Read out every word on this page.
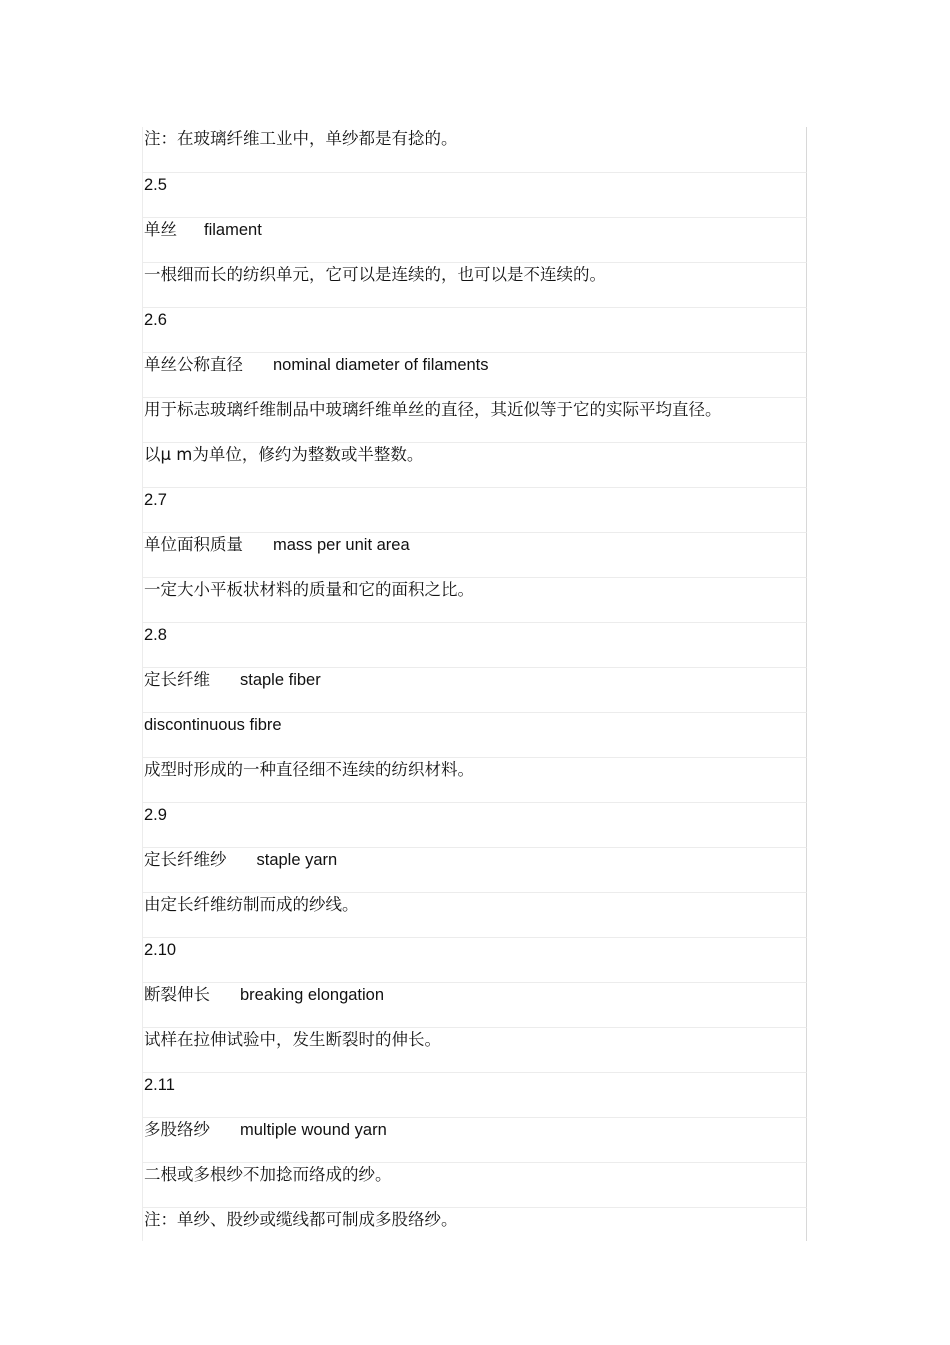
注：在玻璃纤维工业中，单纱都是有捻的。
2.5
单丝 filament
一根细而长的纺织单元，它可以是连续的，也可以是不连续的。
2.6
单丝公称直径 nominal diameter of filaments
用于标志玻璃纤维制品中玻璃纤维单丝的直径，其近似等于它的实际平均直径。
以μ m为单位，修约为整数或半整数。
2.7
单位面积质量 mass per unit area
一定大小平板状材料的质量和它的面积之比。
2.8
定长纤维 staple fiber
discontinuous fibre
成型时形成的一种直径细不连续的纺织材料。
2.9
定长纤维纱 staple yarn
由定长纤维纺制而成的纱线。
2.10
断裂伸长 breaking elongation
试样在拉伸试验中，发生断裂时的伸长。
2.11
多股络纱 multiple wound yarn
二根或多根纱不加捻而络成的纱。
注：单纱、股纱或缆线都可制成多股络纱。
